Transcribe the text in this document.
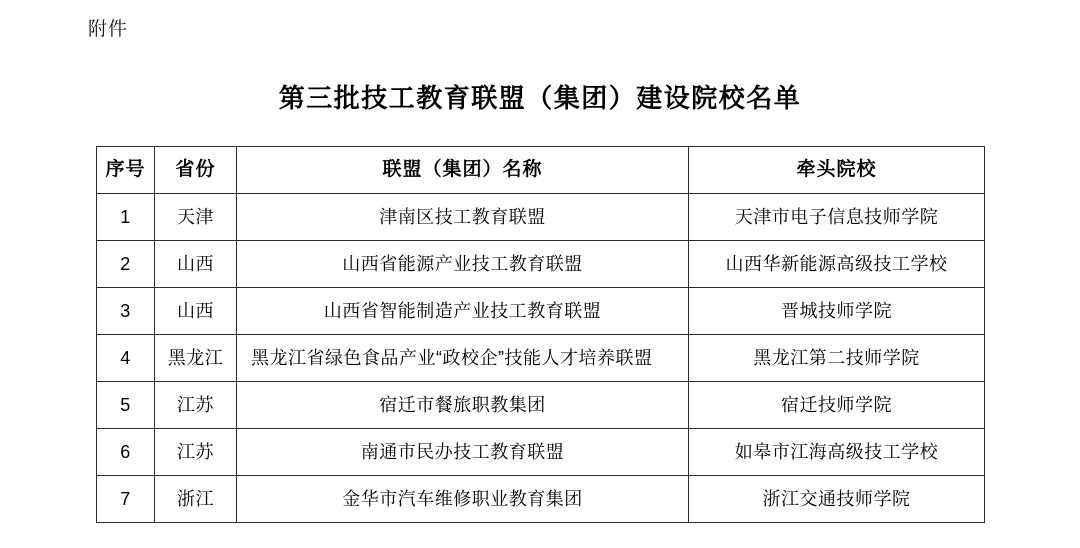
附件
第三批技工教育联盟（集团）建设院校名单
序号	省份	联盟（集团）名称	牵头院校
1	天津	津南区技工教育联盟	天津市电子信息技师学院
2	山西	山西省能源产业技工教育联盟	山西华新能源高级技工学校
3	山西	山西省智能制造产业技工教育联盟	晋城技师学院
4	黑龙江	黑龙江省绿色食品产业“政校企”技能人才培养联盟	黑龙江第二技师学院
5	江苏	宿迁市餐旅职教集团	宿迁技师学院
6	江苏	南通市民办技工教育联盟	如皋市江海高级技工学校
7	浙江	金华市汽车维修职业教育集团	浙江交通技师学院
